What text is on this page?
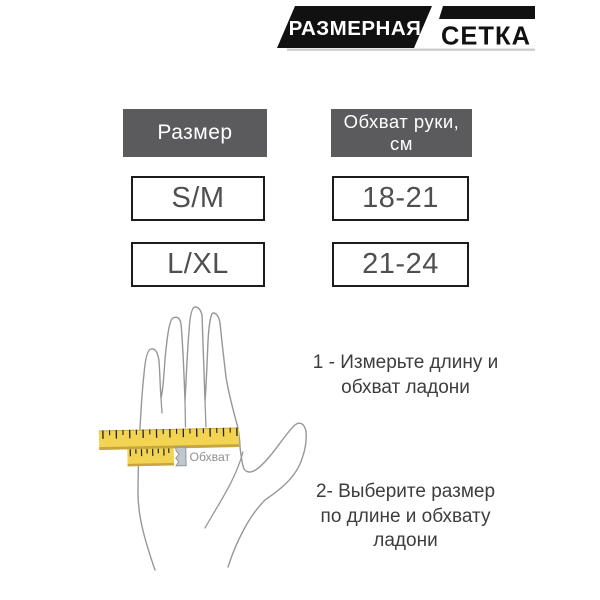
РАЗМЕРНАЯ СЕТКА
Размер	Обхват руки,
см
S/M	18-21
L/XL	21-24
Обхват
1 - Измерьте длину и
обхват ладони
2- Выберите размер
по длине и обхвату
ладони
